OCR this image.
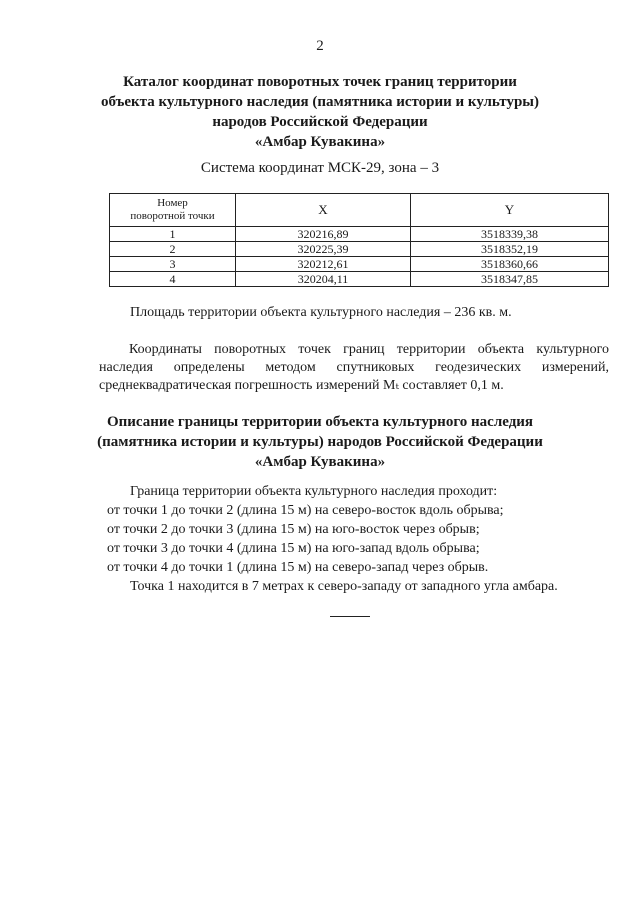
2
Каталог координат поворотных точек границ территории
объекта культурного наследия (памятника истории и культуры)
народов Российской Федерации
«Амбар Кувакина»
Система координат МСК-29, зона – 3
Номер
поворотной точки	X	Y
1	320216,89	3518339,38
2	320225,39	3518352,19
3	320212,61	3518360,66
4	320204,11	3518347,85
Площадь территории объекта культурного наследия – 236 кв. м.
Координаты поворотных точек границ территории объекта культурного
наследия определены методом спутниковых геодезических измерений,
среднеквадратическая погрешность измерений Mₜ составляет 0,1 м.
Описание границы территории объекта культурного наследия
(памятника истории и культуры) народов Российской Федерации
«Амбар Кувакина»
Граница территории объекта культурного наследия проходит:
от точки 1 до точки 2 (длина 15 м) на северо-восток вдоль обрыва;
от точки 2 до точки 3 (длина 15 м) на юго-восток через обрыв;
от точки 3 до точки 4 (длина 15 м) на юго-запад вдоль обрыва;
от точки 4 до точки 1 (длина 15 м) на северо-запад через обрыв.
Точка 1 находится в 7 метрах к северо-западу от западного угла амбара.
